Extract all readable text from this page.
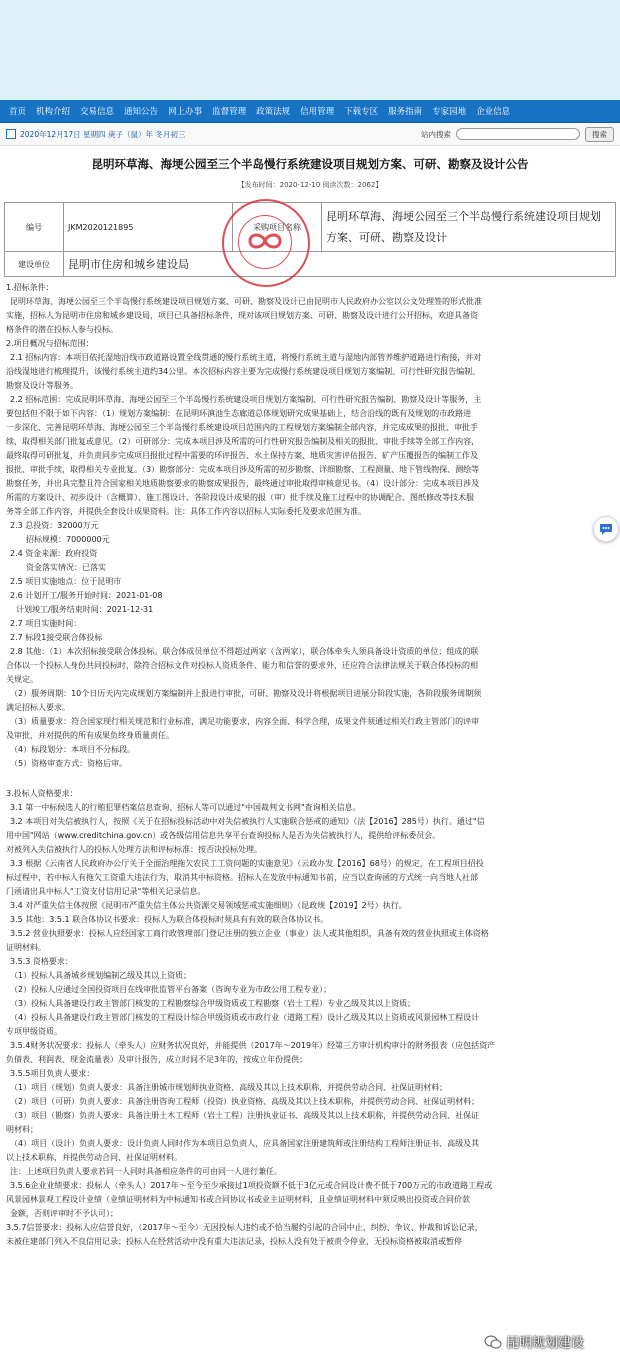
首页 机构介绍 交易信息 通知公告 网上办事 监督管理 政策法规 信用管理 下载专区 服务指南 专家园地 企业信息
2020年12月17日 星期四 庚子（鼠）年 冬月初三	站内搜索	搜索
昆明环草海、海埂公园至三个半岛慢行系统建设项目规划方案、可研、勘察及设计公告
【发布时间：2020-12-10 阅读次数：2062】
编号	JKM2020121895	采购项目名称	昆明环草海、海埂公园至三个半岛慢行系统建设项目规划方案、可研、勘察及设计
建设单位	昆明市住房和城乡建设局		

1.招标条件：

昆明环草海、海埂公园至三个半岛慢行系统建设项目规划方案、可研、勘察及设计已由昆明市人民政府办公室以公文处理签的形式批准

实施，招标人为昆明市住房和城乡建设局，项目已具备招标条件，现对该项目规划方案、可研、勘察及设计进行公开招标，欢迎具备资

格条件的潜在投标人参与投标。

2.项目概况与招标范围：

2.1 招标内容：本项目依托湿地沿线市政道路设置全线贯通的慢行系统主道，将慢行系统主道与湿地内部管养维护道路进行衔接，并对

沿线湿地进行梳理提升，该慢行系统主道约34公里。本次招标内容主要为完成慢行系统建设项目规划方案编制、可行性研究报告编制、

勘察及设计等服务。

2.2 招标范围：完成昆明环草海、海埂公园至三个半岛慢行系统建设项目规划方案编制、可行性研究报告编制、勘察及设计等服务，主

要包括但不限于如下内容：（1）规划方案编制：在昆明环滇池生态廊道总体规划研究成果基础上，结合沿线的既有及规划的市政路进

一步深化、完善昆明环草海、海埂公园至三个半岛慢行系统建设项目范围内的工程规划方案编制全部内容，并完成成果的报批、审批手

续，取得相关部门批复或意见。（2）可研部分：完成本项目涉及所需的可行性研究报告编制及相关的报批、审批手续等全部工作内容，

最终取得可研批复，并负责同步完成项目报批过程中需要的环评报告、水土保持方案、地质灾害评估报告、矿产压覆报告的编制工作及

报批、审批手续，取得相关专业批复。（3）勘察部分：完成本项目涉及所需的初步勘察、详细勘察、工程测量、地下管线物探、测绘等

勘察任务，并出具完整且符合国家相关地质勘察要求的勘察成果报告，最终通过审批取得审核意见书。（4）设计部分：完成本项目涉及

所需的方案设计、初步设计（含概算）、施工图设计、各阶段设计成果的报（审）批手续及施工过程中的协调配合、图纸修改等技术服

务等全部工作内容，并提供全套设计成果资料。注：具体工作内容以招标人实际委托及要求范围为准。

2.3 总投资：32000万元

招标规模：7000000元

2.4 资金来源：政府投资

资金落实情况：已落实

2.5 项目实施地点：位于昆明市

2.6 计划开工/服务开始时间：2021-01-08

计划竣工/服务结束时间：2021-12-31

2.7 项目实施时间：

2.7 标段1接受联合体投标

2.8 其他：（1）本次招标接受联合体投标。联合体成员单位不得超过两家（含两家），联合体牵头人须具备设计资质的单位；组成的联

合体以一个投标人身份共同投标时，除符合招标文件对投标人资质条件、能力和信誉的要求外，还应符合法律法规关于联合体投标的相

关规定。

（2）服务周期：10个日历天内完成规划方案编制并上报进行审批，可研、勘察及设计将根据项目进展分阶段实施，各阶段服务周期须

满足招标人要求。

（3）质量要求：符合国家现行相关规范和行业标准，满足功能要求，内容全面、科学合理，成果文件须通过相关行政主管部门的评审

及审批，并对提供的所有成果负终身质量责任。

（4）标段划分：本项目不分标段。

（5）资格审查方式：资格后审。

3.投标人资格要求：

3.1 第一中标候选人的行贿犯罪档案信息查询、招标人等可以通过"中国裁判文书网"查询相关信息。

3.2 本项目对失信被执行人，按照《关于在招标投标活动中对失信被执行人实施联合惩戒的通知》（法【2016】285号）执行。通过"信

用中国"网站（www.creditchina.gov.cn）或各级信用信息共享平台查询投标人是否为失信被执行人，提供给评标委员会。

对被列入失信被执行人的投标人处理方法和评标标准：按否决投标处理。

3.3 根据《云南省人民政府办公厅关于全面治理拖欠农民工工资问题的实施意见》（云政办发【2016】68号）的规定，在工程项目招投

标过程中，若中标人有拖欠工资重大违法行为，取消其中标资格。招标人在发放中标通知书前，应当以查询函的方式统一向当地人社部

门函请出具中标人"工资支付信用记录"等相关记录信息。

3.4 对严重失信主体按照《昆明市严重失信主体公共资源交易领域惩戒实施细则》（昆政规【2019】2号）执行。

3.5 其他：3.5.1 联合体协议书要求：投标人为联合体投标时须具有有效的联合体协议书。

3.5.2 营业执照要求：投标人应经国家工商行政管理部门登记注册的独立企业（事业）法人或其他组织，具备有效的营业执照或主体资格

证明材料。

3.5.3 资格要求：

（1）投标人具备城乡规划编制乙级及其以上资质；

（2）投标人应通过全国投资项目在线审批监管平台备案（咨询专业为市政公用工程专业）；

（3）投标人具备建设行政主管部门核发的工程勘察综合甲级资质或工程勘察（岩土工程）专业乙级及其以上资质；

（4）投标人具备建设行政主管部门核发的工程设计综合甲级资质或市政行业（道路工程）设计乙级及其以上资质或风景园林工程设计

专项甲级资质。

3.5.4财务状况要求：投标人（牵头人）应财务状况良好，并能提供（2017年～2019年）经第三方审计机构审计的财务报表（应包括资产

负债表、利润表、现金流量表）及审计报告，成立时间不足3年的，按成立年份提供；

3.5.5项目负责人要求：

（1）项目（规划）负责人要求：具备注册城市规划师执业资格、高级及其以上技术职称，并提供劳动合同、社保证明材料；

（2）项目（可研）负责人要求：具备注册咨询工程师（投资）执业资格、高级及其以上技术职称，并提供劳动合同、社保证明材料；

（3）项目（勘察）负责人要求：具备注册土木工程师（岩土工程）注册执业证书、高级及其以上技术职称，并提供劳动合同、社保证

明材料；

（4）项目（设计）负责人要求：设计负责人同时作为本项目总负责人，应具备国家注册建筑师或注册结构工程师注册证书、高级及其

以上技术职称，并提供劳动合同、社保证明材料。

注：上述项目负责人要求若同一人同时具备相应条件的可由同一人进行兼任。

3.5.6企业业绩要求：投标人（牵头人）2017年～至今至少承接过1项投资额不低于3亿元或合同设计费不低于700万元的市政道路工程或

风景园林景观工程设计业绩（业绩证明材料为中标通知书或合同协议书或业主证明材料，且业绩证明材料中须反映出投资或合同价款

金额，否则评审时不予认可）；

3.5.7信誉要求：投标人应信誉良好，（2017年～至今）无因投标人违约或不恰当履约引起的合同中止、纠纷、争议、仲裁和诉讼记录，

未被住建部门列入不良信用记录；投标人在经营活动中没有重大违法记录，投标人没有处于被责令停业，无投标资格被取消或暂停

昆明规划建设
